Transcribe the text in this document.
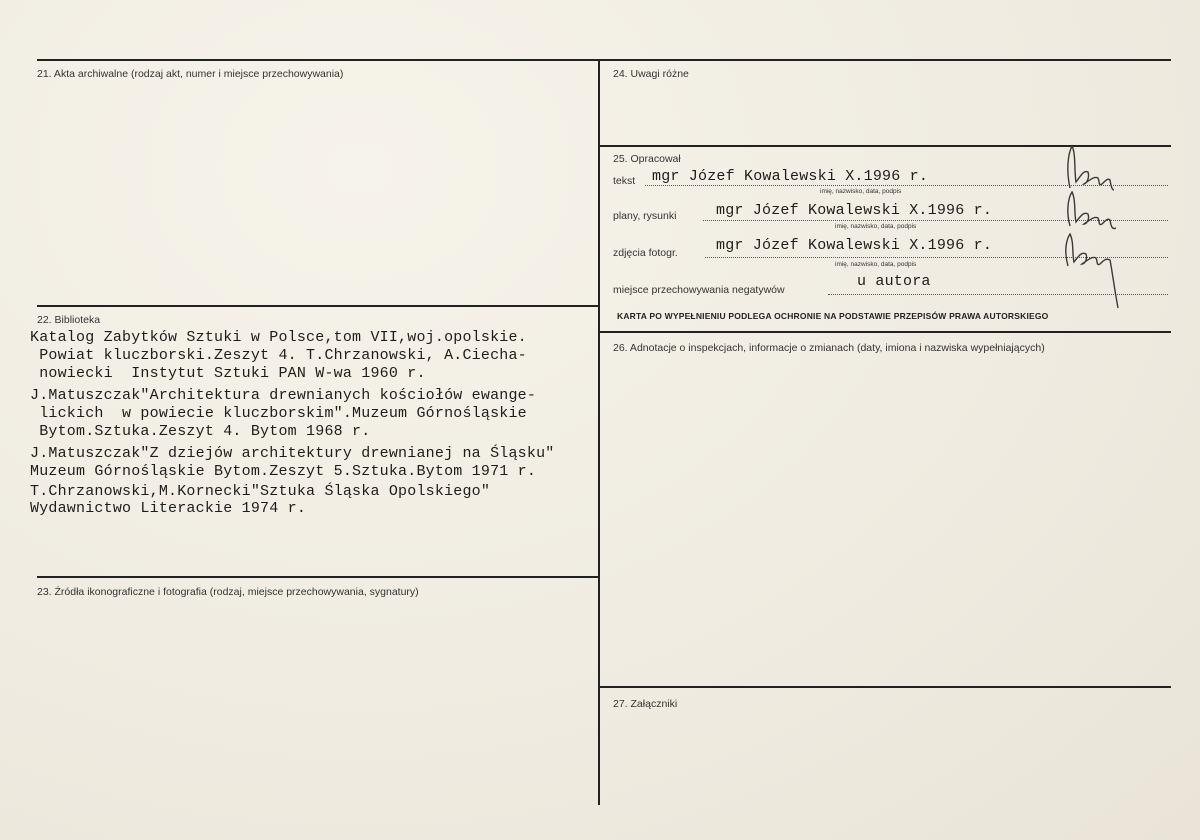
21. Akta archiwalne (rodzaj akt, numer i miejsce przechowywania)
22. Biblioteka
23. Źródła ikonograficzne i fotografia (rodzaj, miejsce przechowywania, sygnatury)
24. Uwagi różne
25. Opracował
26. Adnotacje o inspekcjach, informacje o zmianach (daty, imiona i nazwiska wypełniających)
27. Załączniki
Katalog Zabytków Sztuki w Polsce,tom VII,woj.opolskie.
Powiat kluczborski.Zeszyt 4. T.Chrzanowski, A.Ciecha-
nowiecki  Instytut Sztuki PAN W-wa 1960 r.
J.Matuszczak"Architektura drewnianych kościołów ewange-
lickich  w powiecie kluczborskim".Muzeum Górnośląskie
Bytom.Sztuka.Zeszyt 4. Bytom 1968 r.
J.Matuszczak"Z dziejów architektury drewnianej na Śląsku"
Muzeum Górnośląskie Bytom.Zeszyt 5.Sztuka.Bytom 1971 r.
T.Chrzanowski,M.Kornecki"Sztuka Śląska Opolskiego"
Wydawnictwo Literackie 1974 r.
tekst mgr Józef Kowalewski X.1996 r.
imię, nazwisko, data, podpis
plany, rysunki	mgr Józef Kowalewski X.1996 r.
imię, nazwisko, data, podpis
zdjęcia fotogr.	mgr Józef Kowalewski X.1996 r.
imię, nazwisko, data, podpis
miejsce przechowywania negatywów	u autora
KARTA PO WYPEŁNIENIU PODLEGA OCHRONIE NA PODSTAWIE PRZEPISÓW PRAWA AUTORSKIEGO
